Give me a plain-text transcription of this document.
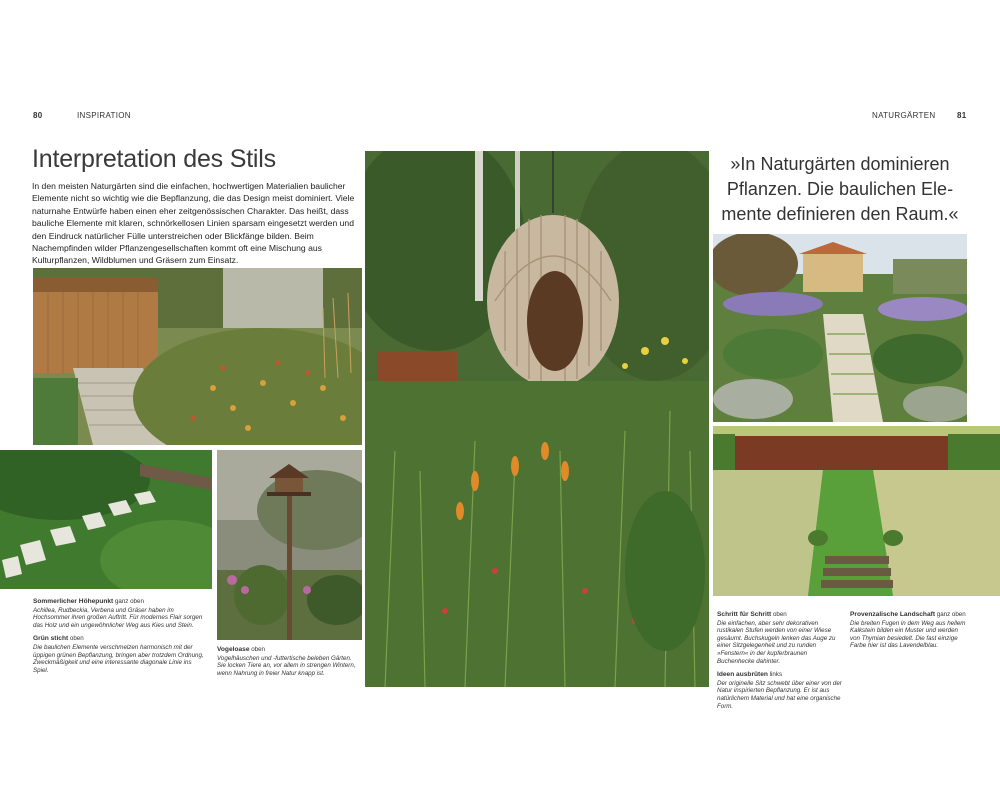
80	INSPIRATION	NATURGÄRTEN	81
Interpretation des Stils

In den meisten Naturgärten sind die einfachen, hochwertigen Materialien baulicher Elemente nicht so wichtig wie die Bepflanzung, die das Design meist dominiert. Viele naturnahe Entwürfe haben einen eher zeitgenössischen Charakter. Das heißt, dass bauliche Elemente mit klaren, schnörkellosen Linien sparsam eingesetzt werden und den Eindruck natürlicher Fülle unterstreichen oder Blickfänge bilden. Beim Nachempfinden wilder Pflanzengesellschaften kommt oft eine Mischung aus Kulturpflanzen, Wildblumen und Gräsern zum Einsatz.

»In Naturgärten dominieren Pflanzen. Die baulichen Elemente definieren den Raum.«

Sommerlicher Höhepunkt ganz oben
Achillea, Rudbeckia, Verbena und Gräser haben im Hochsommer ihren großen Auftritt. Für modernes Flair sorgen das Holz und ein ungewöhnlicher Weg aus Kies und Stein.
Grün sticht oben
Die baulichen Elemente verschmelzen harmonisch mit der üppigen grünen Bepflanzung, bringen aber trotzdem Ordnung, Zweckmäßigkeit und eine interessante diagonale Linie ins Spiel.
Vogeloase oben
Vogelhäuschen und -futtertische beleben Gärten. Sie locken Tiere an, vor allem in strengen Wintern, wenn Nahrung in freier Natur knapp ist.
Schritt für Schritt oben
Die einfachen, aber sehr dekorativen rustikalen Stufen werden von einer Wiese gesäumt. Buchskugeln lenken das Auge zu einer Sitzgelegenheit und zu runden »Fenstern« in der kupferbraunen Buchenhecke dahinter.
Ideen ausbrüten links
Der originelle Sitz schwebt über einer von der Natur inspirierten Bepflanzung. Er ist aus natürlichem Material und hat eine organische Form.
Provenzalische Landschaft ganz oben
Die breiten Fugen in dem Weg aus hellem Kalkstein bilden ein Muster und werden von Thymian besiedelt. Die fast einzige Farbe hier ist das Lavendelblau.
